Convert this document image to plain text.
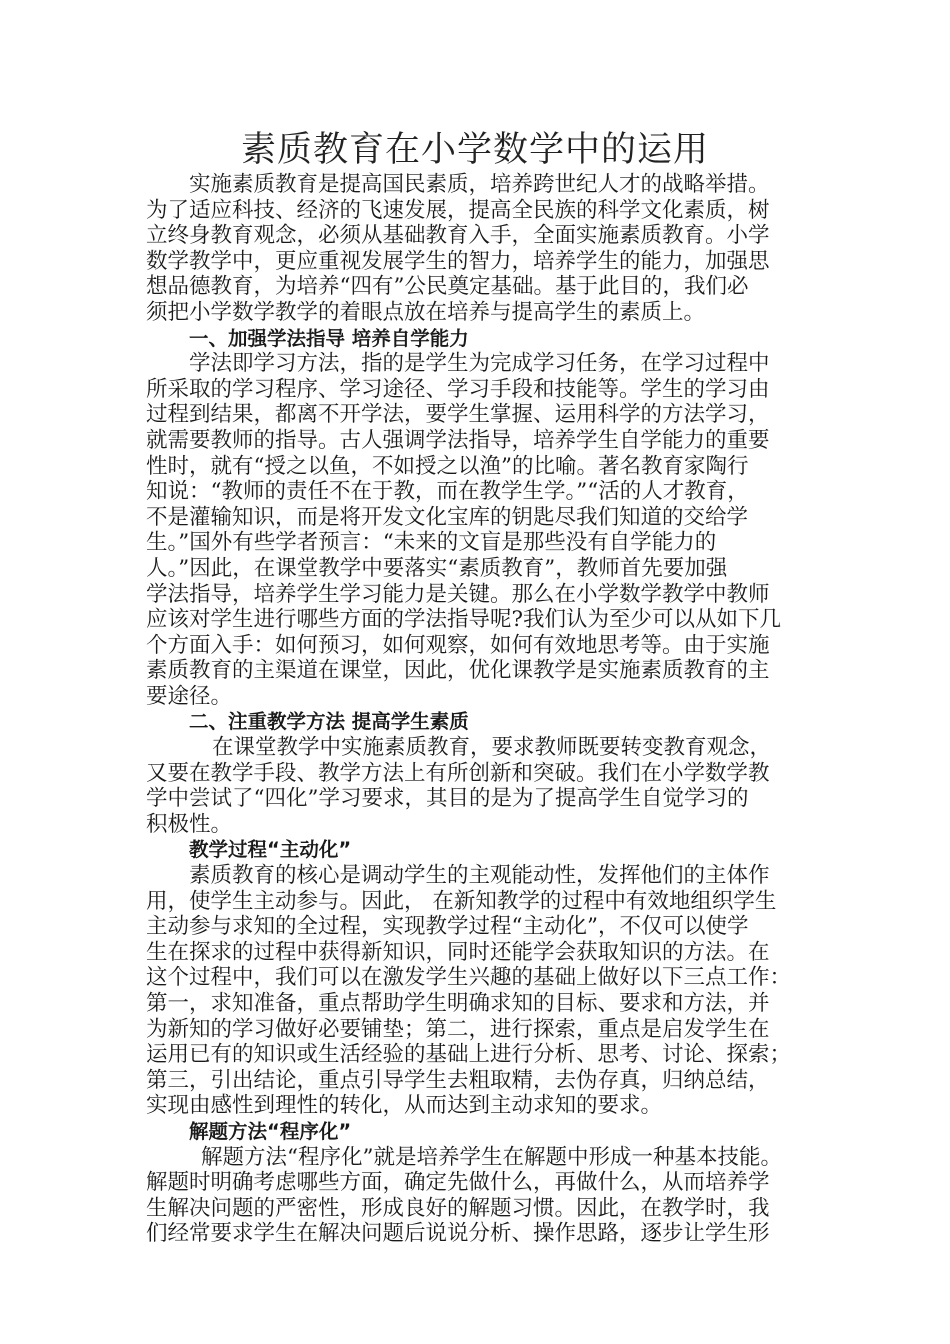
素质教育在小学数学中的运用
实施素质教育是提高国民素质，培养跨世纪人才的战略举措。
为了适应科技、经济的飞速发展，提高全民族的科学文化素质，树
立终身教育观念，必须从基础教育入手，全面实施素质教育。小学
数学教学中，更应重视发展学生的智力，培养学生的能力，加强思
想品德教育，为培养“四有”公民奠定基础。基于此目的，我们必
须把小学数学教学的着眼点放在培养与提高学生的素质上。
一、加强学法指导 培养自学能力
学法即学习方法，指的是学生为完成学习任务，在学习过程中
所采取的学习程序、学习途径、学习手段和技能等。学生的学习由
过程到结果，都离不开学法，要学生掌握、运用科学的方法学习，
就需要教师的指导。古人强调学法指导，培养学生自学能力的重要
性时，就有“授之以鱼，不如授之以渔”的比喻。著名教育家陶行
知说：“教师的责任不在于教，而在教学生学。”“活的人才教育，
不是灌输知识，而是将开发文化宝库的钥匙尽我们知道的交给学
生。”国外有些学者预言：“未来的文盲是那些没有自学能力的
人。”因此，在课堂教学中要落实“素质教育”，教师首先要加强
学法指导，培养学生学习能力是关键。那么在小学数学教学中教师
应该对学生进行哪些方面的学法指导呢?我们认为至少可以从如下几
个方面入手：如何预习，如何观察，如何有效地思考等。由于实施
素质教育的主渠道在课堂，因此，优化课教学是实施素质教育的主
要途径。
二、注重教学方法 提高学生素质
在课堂教学中实施素质教育，要求教师既要转变教育观念，
又要在教学手段、教学方法上有所创新和突破。我们在小学数学教
学中尝试了“四化”学习要求，其目的是为了提高学生自觉学习的
积极性。
教学过程“主动化”
素质教育的核心是调动学生的主观能动性，发挥他们的主体作
用，使学生主动参与。因此， 在新知教学的过程中有效地组织学生
主动参与求知的全过程，实现教学过程“主动化”，不仅可以使学
生在探求的过程中获得新知识，同时还能学会获取知识的方法。在
这个过程中，我们可以在激发学生兴趣的基础上做好以下三点工作：
第一，求知准备，重点帮助学生明确求知的目标、要求和方法，并
为新知的学习做好必要铺垫；第二，进行探索，重点是启发学生在
运用已有的知识或生活经验的基础上进行分析、思考、讨论、探索；
第三，引出结论，重点引导学生去粗取精，去伪存真，归纳总结，
实现由感性到理性的转化，从而达到主动求知的要求。
解题方法“程序化”
解题方法“程序化”就是培养学生在解题中形成一种基本技能。
解题时明确考虑哪些方面，确定先做什么，再做什么，从而培养学
生解决问题的严密性，形成良好的解题习惯。因此，在教学时，我
们经常要求学生在解决问题后说说分析、操作思路，逐步让学生形
